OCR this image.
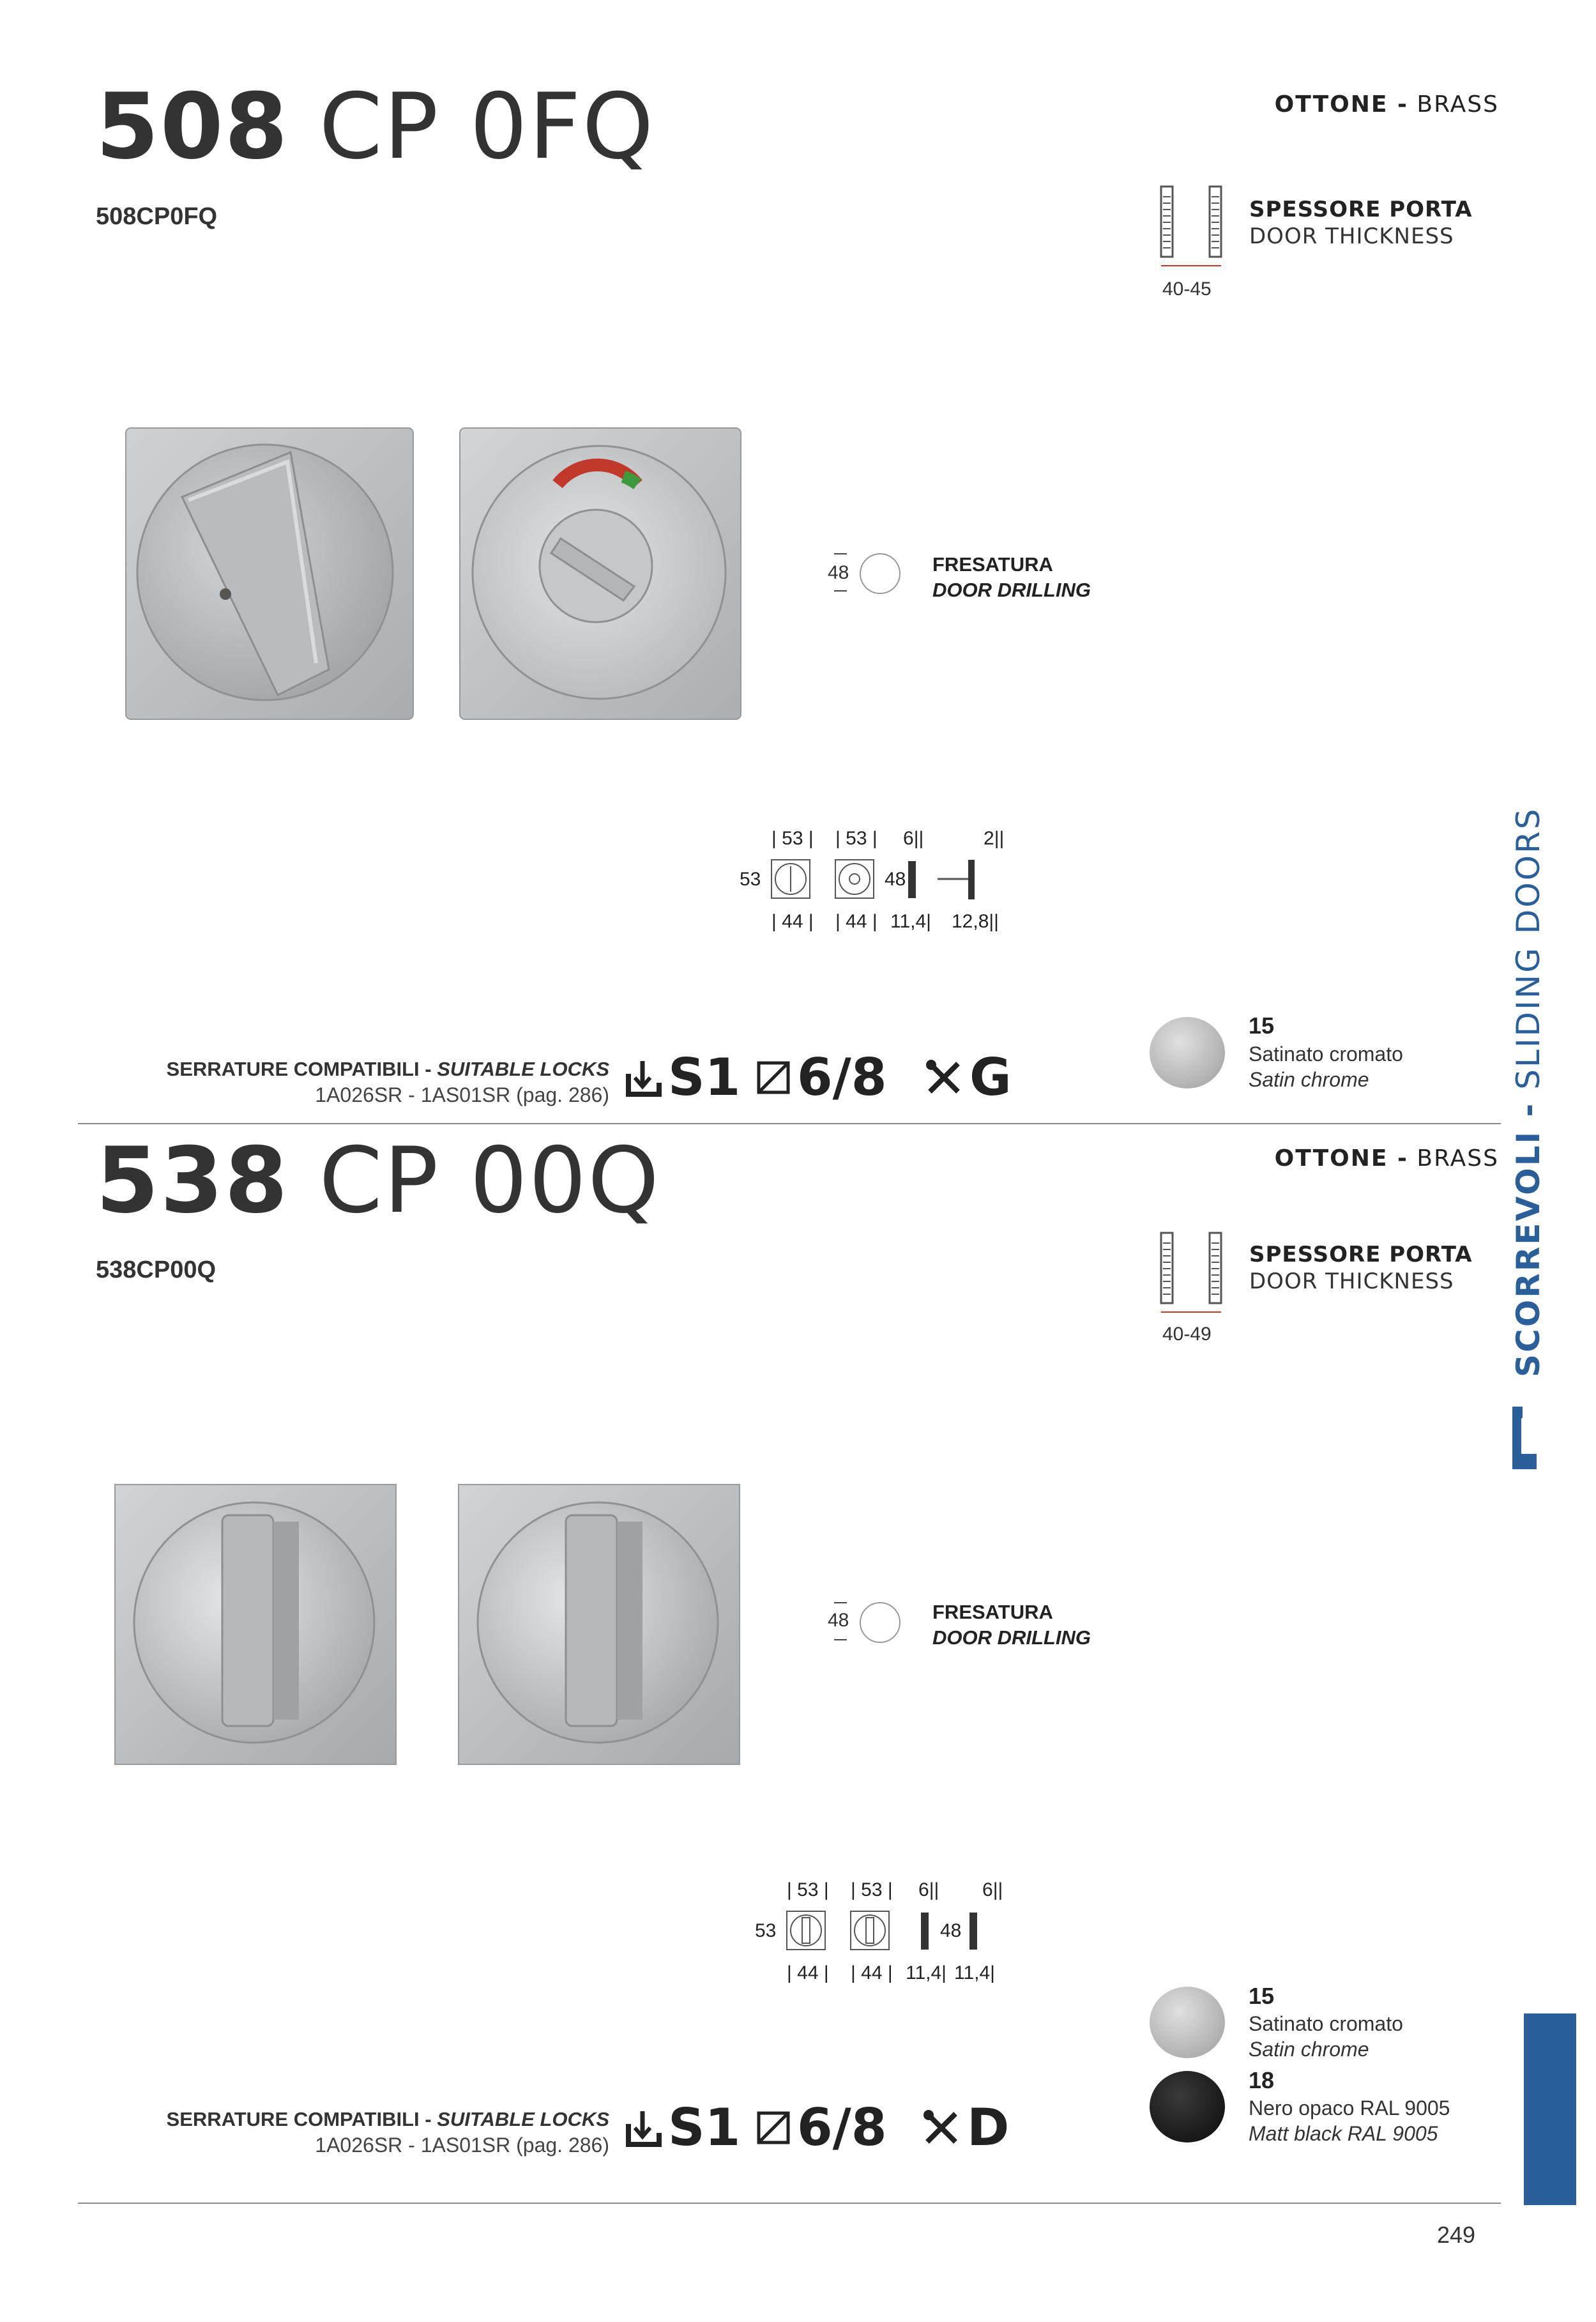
508 CP 0FQ
508CP0FQ
OTTONE - BRASS
40-45
SPESSORE PORTA
DOOR THICKNESS
48	FRESATURA
DOOR DRILLING
| 53 | | 53 | 6||	2||
53	48
| 44 | | 44 | 11,4| 12,8||
SERRATURE COMPATIBILI - SUITABLE LOCKS
1A026SR - 1AS01SR (pag. 286) S1 6/8 G
15
Satinato cromato
Satin chrome
538 CP 00Q
538CP00Q
OTTONE - BRASS
40-49
SPESSORE PORTA
DOOR THICKNESS
48	FRESATURA
DOOR DRILLING
| 53 | | 53 | 6|| 6||
53	48
| 44 | | 44 | 11,4| 11,4|
SERRATURE COMPATIBILI - SUITABLE LOCKS
1A026SR - 1AS01SR (pag. 286) S1 6/8 D
15
Satinato cromato
Satin chrome
18
Nero opaco RAL 9005
Matt black RAL 9005
SCORREVOLI - SLIDING DOORS
249
